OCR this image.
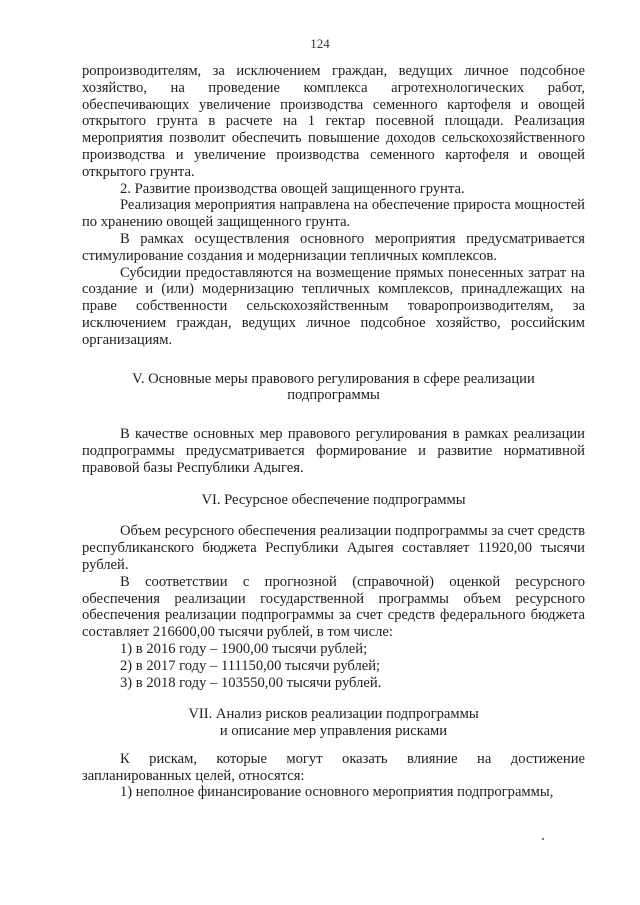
124

ропроизводителям, за исключением граждан, ведущих личное подсобное хозяйство, на проведение комплекса агротехнологических работ, обеспечивающих увеличение производства семенного картофеля и овощей открытого грунта в расчете на 1 гектар посевной площади. Реализация мероприятия позволит обеспечить повышение доходов сельскохозяйственного производства и увеличение производства семенного картофеля и овощей открытого грунта.

2. Развитие производства овощей защищенного грунта.

Реализация мероприятия направлена на обеспечение прироста мощностей по хранению овощей защищенного грунта.

В рамках осуществления основного мероприятия предусматривается стимулирование создания и модернизации тепличных комплексов.

Субсидии предоставляются на возмещение прямых понесенных затрат на создание и (или) модернизацию тепличных комплексов, принадлежащих на праве собственности сельскохозяйственным товаропроизводителям, за исключением граждан, ведущих личное подсобное хозяйство, российским организациям.

V. Основные меры правового регулирования в сфере реализации
подпрограммы

В качестве основных мер правового регулирования в рамках реализации подпрограммы предусматривается формирование и развитие нормативной правовой базы Республики Адыгея.

VI. Ресурсное обеспечение подпрограммы

Объем ресурсного обеспечения реализации подпрограммы за счет средств республиканского бюджета Республики Адыгея составляет 11920,00 тысячи рублей.

В соответствии с прогнозной (справочной) оценкой ресурсного обеспечения реализации государственной программы объем ресурсного обеспечения реализации подпрограммы за счет средств федерального бюджета составляет 216600,00 тысячи рублей, в том числе:

1) в 2016 году – 1900,00 тысячи рублей;

2) в 2017 году – 111150,00 тысячи рублей;

3) в 2018 году – 103550,00 тысячи рублей.

VII. Анализ рисков реализации подпрограммы
и описание мер управления рисками

К рискам, которые могут оказать влияние на достижение запланированных целей, относятся:

1) неполное финансирование основного мероприятия подпрограммы,
